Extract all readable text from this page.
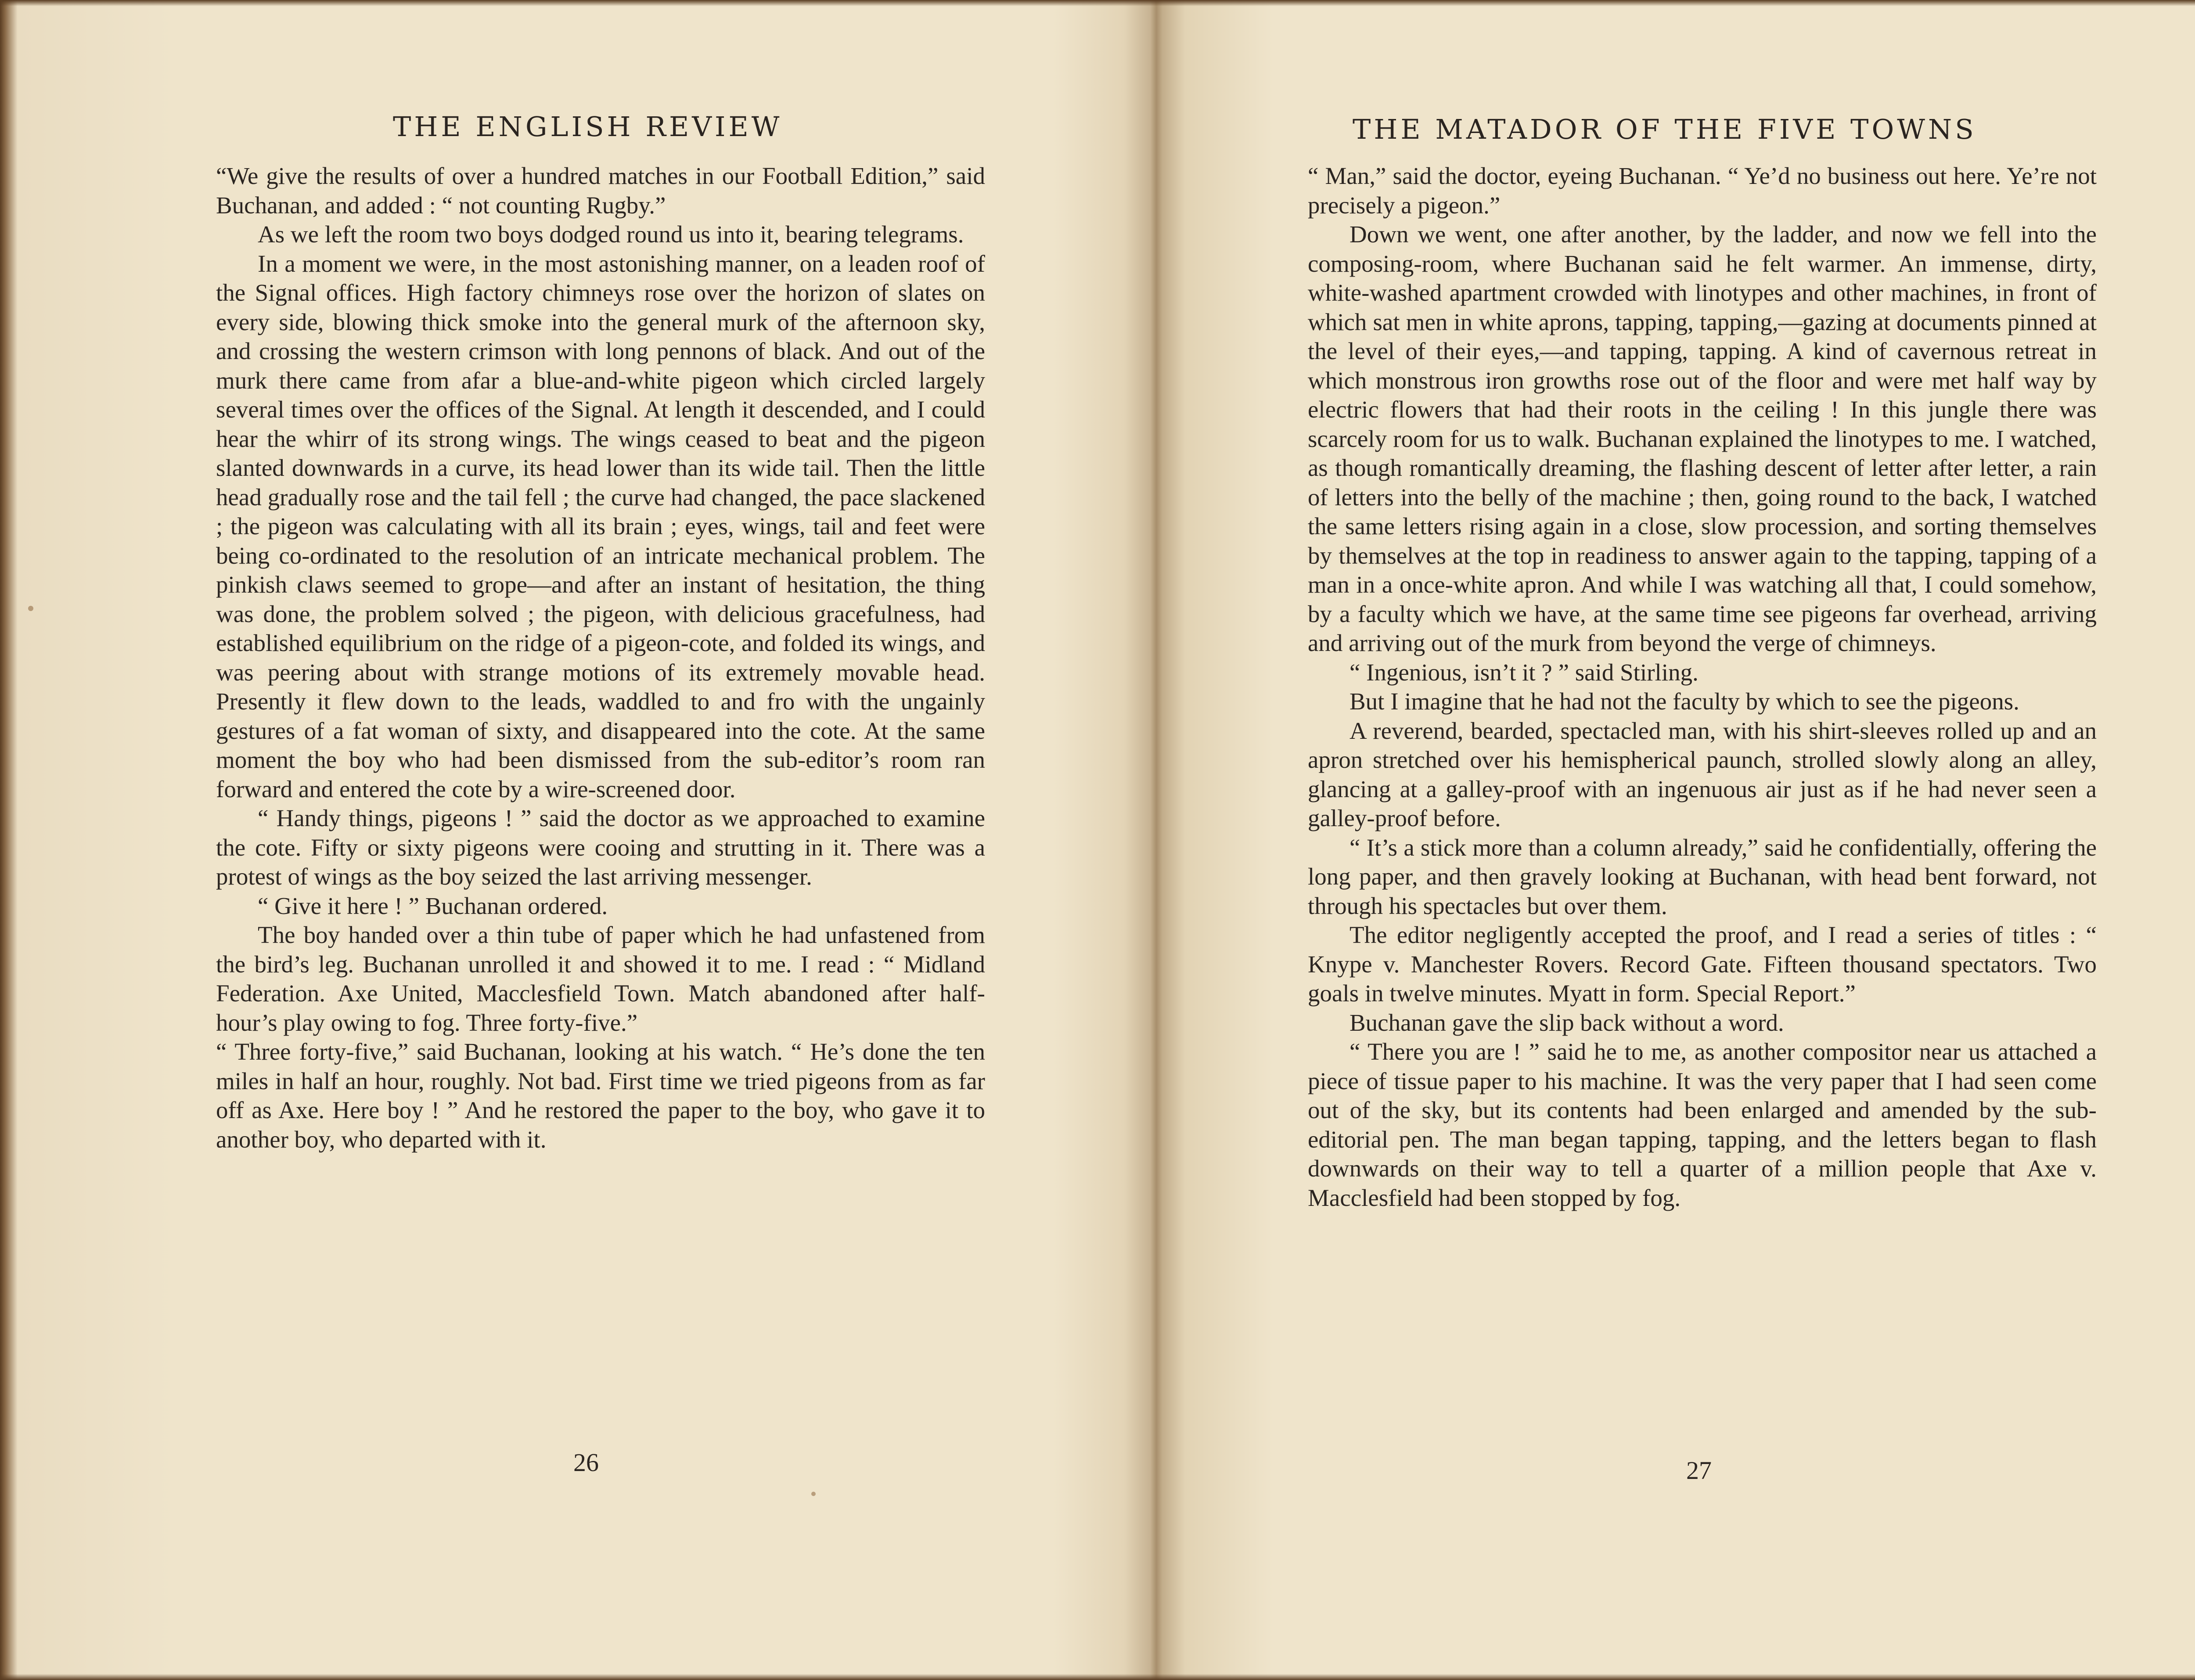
THE ENGLISH REVIEW

“We give the results of over a hundred matches in our Football Edition,” said Buchanan, and added : “ not counting Rugby.”

As we left the room two boys dodged round us into it, bearing telegrams.

In a moment we were, in the most astonishing manner, on a leaden roof of the Signal offices. High factory chimneys rose over the horizon of slates on every side, blowing thick smoke into the general murk of the afternoon sky, and crossing the western crimson with long pennons of black. And out of the murk there came from afar a blue-and-white pigeon which circled largely several times over the offices of the Signal. At length it descended, and I could hear the whirr of its strong wings. The wings ceased to beat and the pigeon slanted downwards in a curve, its head lower than its wide tail. Then the little head gradually rose and the tail fell ; the curve had changed, the pace slackened ; the pigeon was calculating with all its brain ; eyes, wings, tail and feet were being co-ordinated to the resolution of an intricate mechanical problem. The pinkish claws seemed to grope—and after an instant of hesitation, the thing was done, the problem solved ; the pigeon, with delicious gracefulness, had established equilibrium on the ridge of a pigeon-cote, and folded its wings, and was peering about with strange motions of its extremely movable head. Presently it flew down to the leads, waddled to and fro with the ungainly gestures of a fat woman of sixty, and disappeared into the cote. At the same moment the boy who had been dismissed from the sub-editor’s room ran forward and entered the cote by a wire-screened door.

“ Handy things, pigeons ! ” said the doctor as we approached to examine the cote. Fifty or sixty pigeons were cooing and strutting in it. There was a protest of wings as the boy seized the last arriving messenger.

“ Give it here ! ” Buchanan ordered.

The boy handed over a thin tube of paper which he had unfastened from the bird’s leg. Buchanan unrolled it and showed it to me. I read : “ Midland Federation. Axe United, Macclesfield Town. Match abandoned after half-hour’s play owing to fog. Three forty-five.”

“ Three forty-five,” said Buchanan, looking at his watch. “ He’s done the ten miles in half an hour, roughly. Not bad. First time we tried pigeons from as far off as Axe. Here boy ! ” And he restored the paper to the boy, who gave it to another boy, who departed with it.

26
THE MATADOR OF THE FIVE TOWNS

“ Man,” said the doctor, eyeing Buchanan. “ Ye’d no business out here. Ye’re not precisely a pigeon.”

Down we went, one after another, by the ladder, and now we fell into the composing-room, where Buchanan said he felt warmer. An immense, dirty, white-washed apartment crowded with linotypes and other machines, in front of which sat men in white aprons, tapping, tapping,—gazing at documents pinned at the level of their eyes,—and tapping, tapping. A kind of cavernous retreat in which monstrous iron growths rose out of the floor and were met half way by electric flowers that had their roots in the ceiling ! In this jungle there was scarcely room for us to walk. Buchanan explained the linotypes to me. I watched, as though romantically dreaming, the flashing descent of letter after letter, a rain of letters into the belly of the machine ; then, going round to the back, I watched the same letters rising again in a close, slow procession, and sorting themselves by themselves at the top in readiness to answer again to the tapping, tapping of a man in a once-white apron. And while I was watching all that, I could somehow, by a faculty which we have, at the same time see pigeons far overhead, arriving and arriving out of the murk from beyond the verge of chimneys.

“ Ingenious, isn’t it ? ” said Stirling.

But I imagine that he had not the faculty by which to see the pigeons.

A reverend, bearded, spectacled man, with his shirt-sleeves rolled up and an apron stretched over his hemispherical paunch, strolled slowly along an alley, glancing at a galley-proof with an ingenuous air just as if he had never seen a galley-proof before.

“ It’s a stick more than a column already,” said he confidentially, offering the long paper, and then gravely looking at Buchanan, with head bent forward, not through his spectacles but over them.

The editor negligently accepted the proof, and I read a series of titles : “ Knype v. Manchester Rovers. Record Gate. Fifteen thousand spectators. Two goals in twelve minutes. Myatt in form. Special Report.”

Buchanan gave the slip back without a word.

“ There you are ! ” said he to me, as another compositor near us attached a piece of tissue paper to his machine. It was the very paper that I had seen come out of the sky, but its contents had been enlarged and amended by the sub-editorial pen. The man began tapping, tapping, and the letters began to flash downwards on their way to tell a quarter of a million people that Axe v. Macclesfield had been stopped by fog.

27
